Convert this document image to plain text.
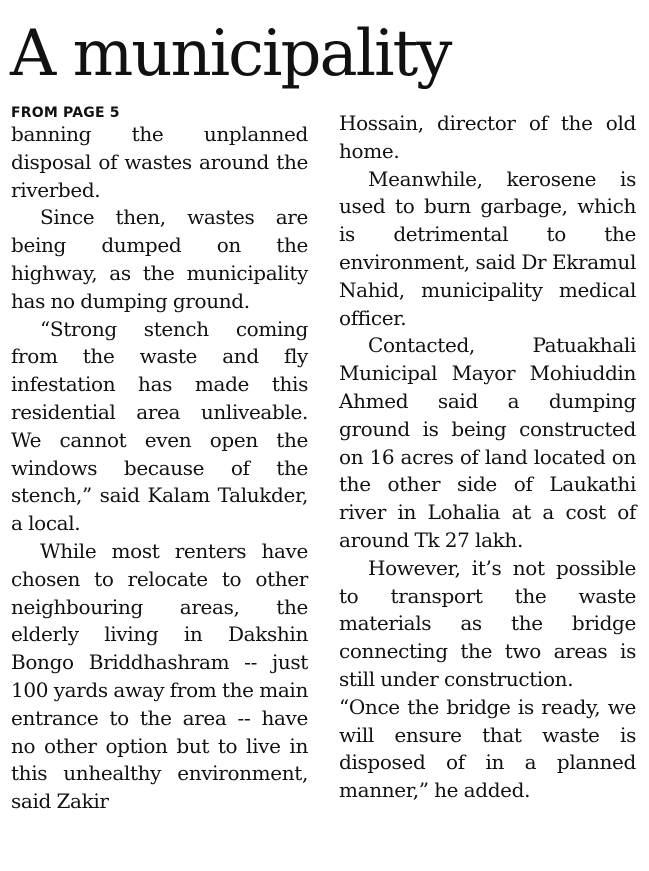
A municipality
FROM PAGE 5

banning the unplanned disposal of wastes around the riverbed.

Since then, wastes are being dumped on the highway, as the municipality has no dumping ground.

“Strong stench coming from the waste and fly infestation has made this residential area unliveable. We cannot even open the windows because of the stench,” said Kalam Talukder, a local.

While most renters have chosen to relocate to other neighbouring areas, the elderly living in Dakshin Bongo Briddhashram -- just 100 yards away from the main entrance to the area -- have no other option but to live in this unhealthy environment, said Zakir

Hossain, director of the old home.

Meanwhile, kerosene is used to burn garbage, which is detrimental to the environment, said Dr Ekramul Nahid, municipality medical officer.

Contacted, Patuakhali Municipal Mayor Mohiuddin Ahmed said a dumping ground is being constructed on 16 acres of land located on the other side of Laukathi river in Lohalia at a cost of around Tk 27 lakh.

However, it’s not possible to transport the waste materials as the bridge connecting the two areas is still under construction.

“Once the bridge is ready, we will ensure that waste is disposed of in a planned manner,” he added.
